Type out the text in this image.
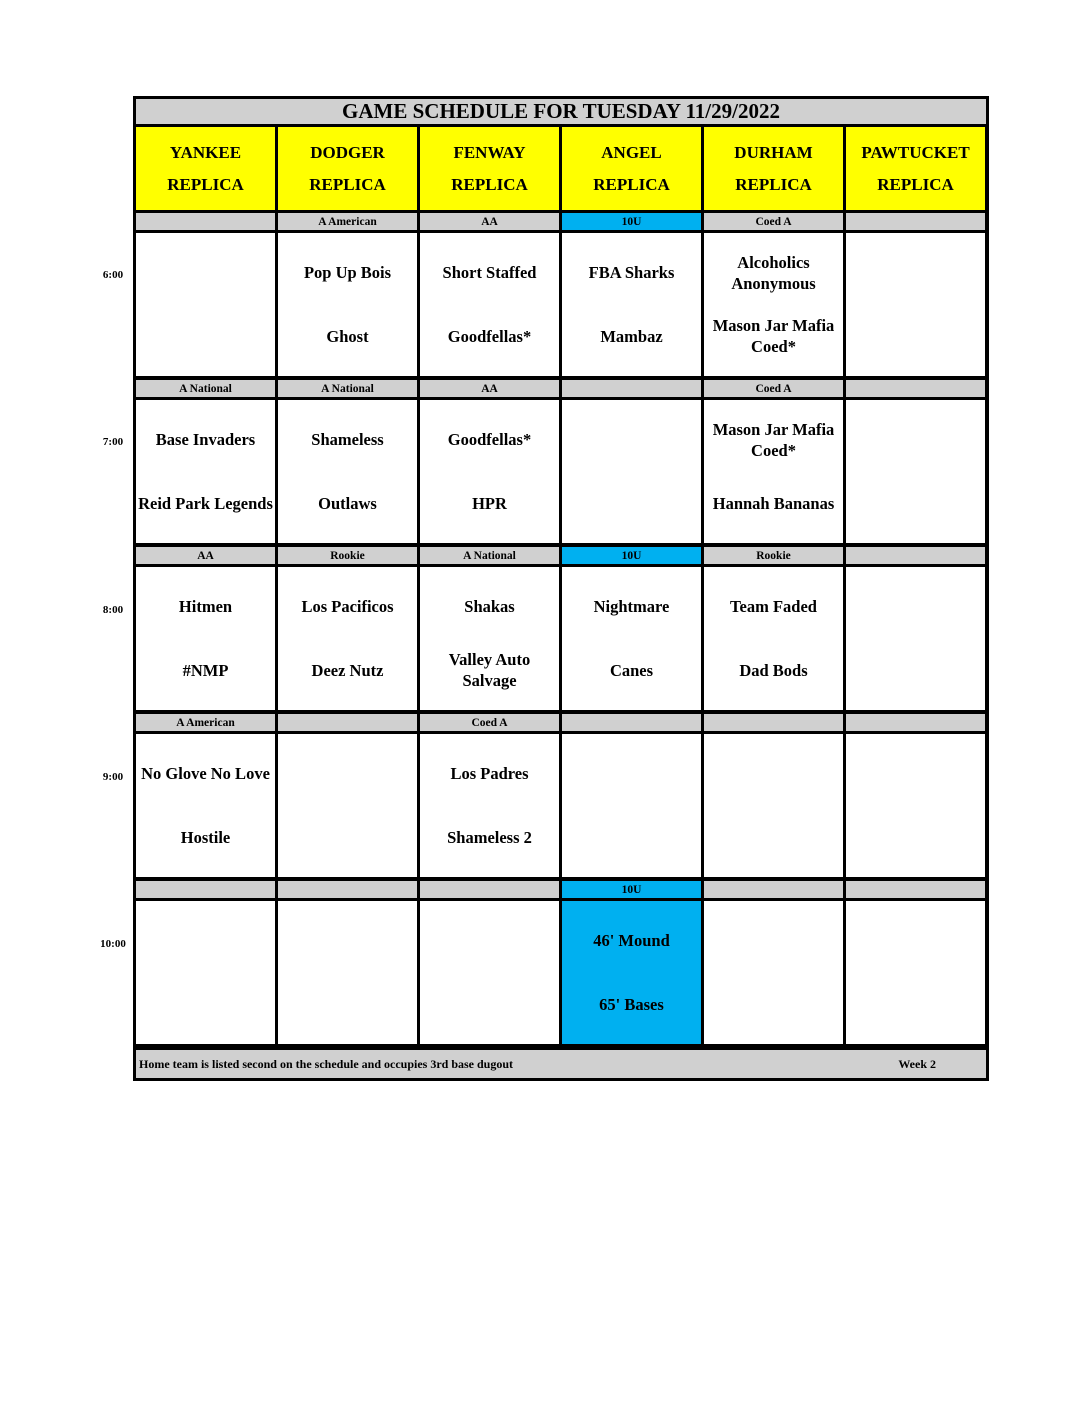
GAME SCHEDULE FOR TUESDAY 11/29/2022
Home team is listed second on the schedule and occupies 3rd base dugout	Week 2
YANKEE
REPLICA
DODGER
REPLICA
FENWAY
REPLICA
ANGEL
REPLICA
DURHAM
REPLICA
PAWTUCKET
REPLICA
A American
Pop Up Bois
Ghost
AA
Short Staffed
Goodfellas*
10U
FBA Sharks
Mambaz
Coed A
Alcoholics Anonymous
Mason Jar Mafia Coed*
A National
Base Invaders
Reid Park Legends
A National
Shameless
Outlaws
AA
Goodfellas*
HPR
Coed A
Mason Jar Mafia Coed*
Hannah Bananas
AA
Hitmen
#NMP
Rookie
Los Pacificos
Deez Nutz
A National
Shakas
Valley Auto Salvage
10U
Nightmare
Canes
Rookie
Team Faded
Dad Bods
A American
No Glove No Love
Hostile
Coed A
Los Padres
Shameless 2
10U
46' Mound
65' Bases
6:00
7:00
8:00
9:00
10:00
